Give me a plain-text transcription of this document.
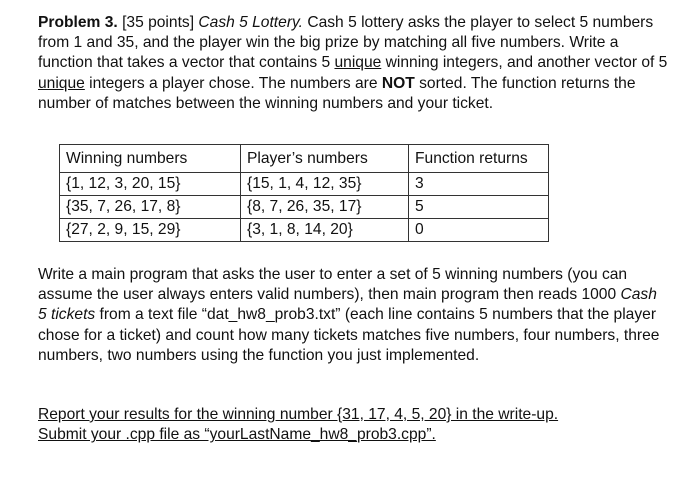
Problem 3. [35 points] Cash 5 Lottery. Cash 5 lottery asks the player to select 5 numbers from 1 and 35, and the player win the big prize by matching all five numbers. Write a function that takes a vector that contains 5 unique winning integers, and another vector of 5 unique integers a player chose. The numbers are NOT sorted. The function returns the number of matches between the winning numbers and your ticket.

Write a main program that asks the user to enter a set of 5 winning numbers (you can assume the user always enters valid numbers), then main program then reads 1000 Cash 5 tickets from a text file “dat_hw8_prob3.txt” (each line contains 5 numbers that the player chose for a ticket) and count how many tickets matches five numbers, four numbers, three numbers, two numbers using the function you just implemented.

Report your results for the winning number {31, 17, 4, 5, 20} in the write-up.
Submit your .cpp file as “yourLastName_hw8_prob3.cpp”.

Winning numbers	Player’s numbers	Function returns
{1, 12, 3, 20, 15}	{15, 1, 4, 12, 35}	3
{35, 7, 26, 17, 8}	{8, 7, 26, 35, 17}	5
{27, 2, 9, 15, 29}	{3, 1, 8, 14, 20}	0
